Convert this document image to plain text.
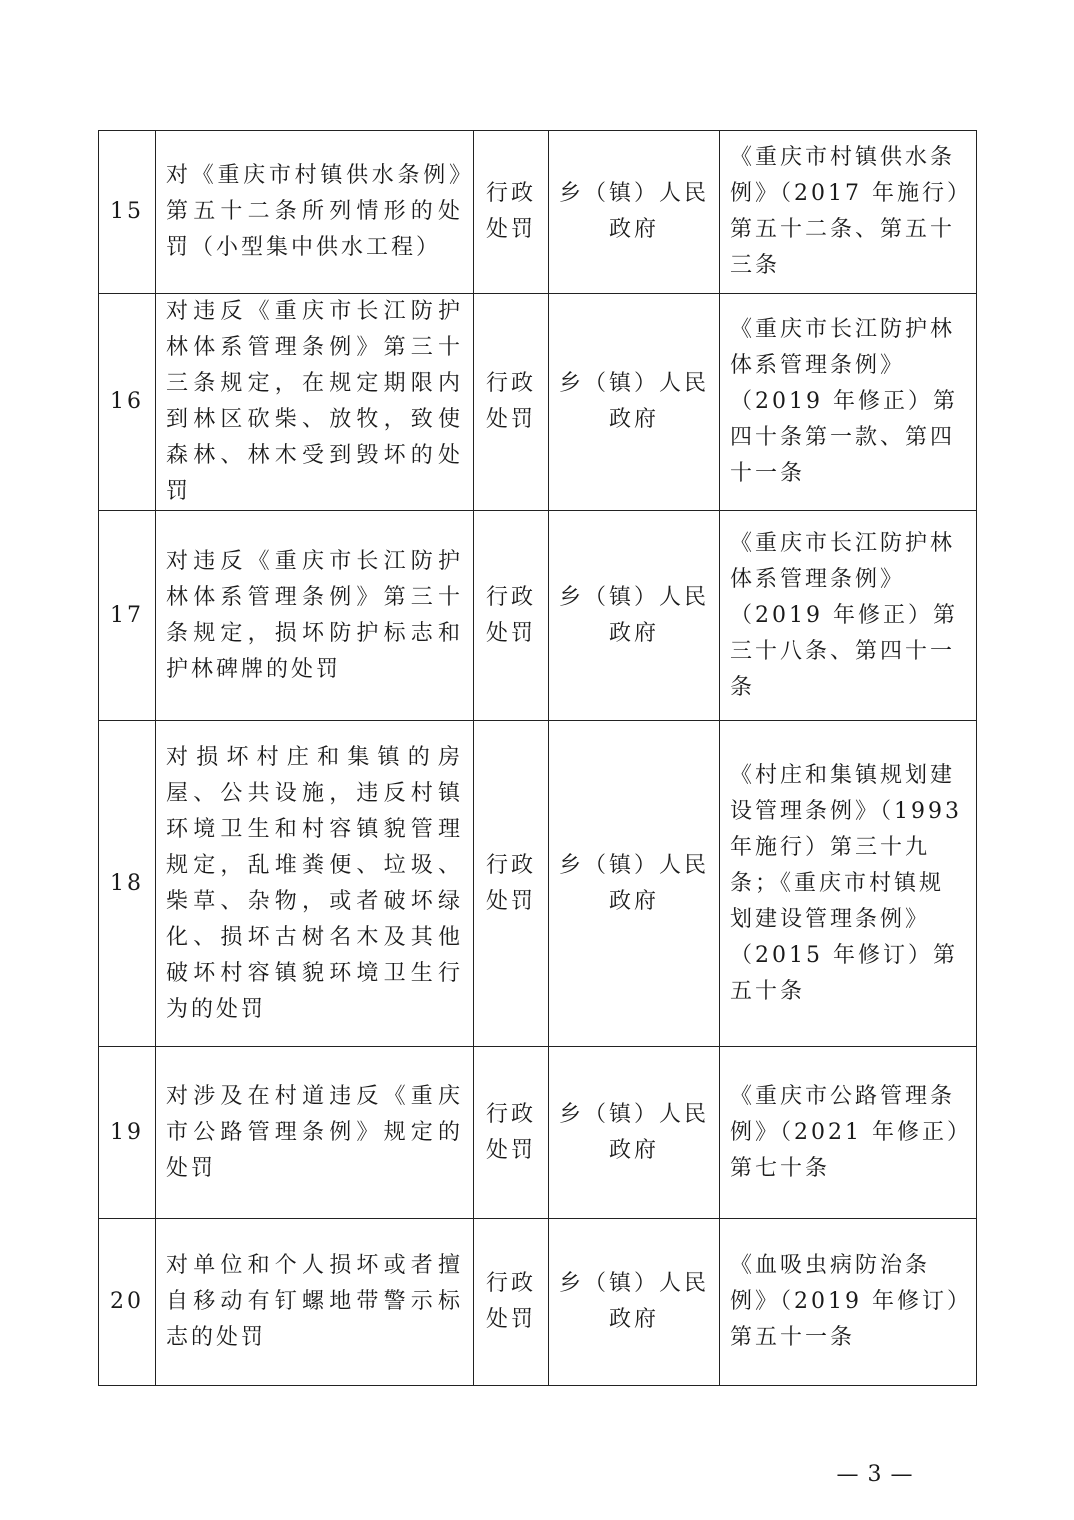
15	对《重庆市村镇供水条例》第五十二条所列情形的处罚（小型集中供水工程）	行政处罚	乡（镇）人民政府	《重庆市村镇供水条例》（2017 年施行）第五十二条、第五十三条
16	对违反《重庆市长江防护林体系管理条例》第三十三条规定，在规定期限内到林区砍柴、放牧，致使森林、林木受到毁坏的处罚	行政处罚	乡（镇）人民政府	《重庆市长江防护林体系管理条例》（2019 年修正）第四十条第一款、第四十一条
17	对违反《重庆市长江防护林体系管理条例》第三十条规定，损坏防护标志和护林碑牌的处罚	行政处罚	乡（镇）人民政府	《重庆市长江防护林体系管理条例》（2019 年修正）第三十八条、第四十一条
18	对损坏村庄和集镇的房屋、公共设施，违反村镇环境卫生和村容镇貌管理规定，乱堆粪便、垃圾、柴草、杂物，或者破坏绿化、损坏古树名木及其他破坏村容镇貌环境卫生行为的处罚	行政处罚	乡（镇）人民政府	《村庄和集镇规划建设管理条例》（1993 年施行）第三十九条；《重庆市村镇规划建设管理条例》（2015 年修订）第五十条
19	对涉及在村道违反《重庆市公路管理条例》规定的处罚	行政处罚	乡（镇）人民政府	《重庆市公路管理条例》（2021 年修正）第七十条
20	对单位和个人损坏或者擅自移动有钉螺地带警示标志的处罚	行政处罚	乡（镇）人民政府	《血吸虫病防治条例》（2019 年修订）第五十一条
— 3 —
